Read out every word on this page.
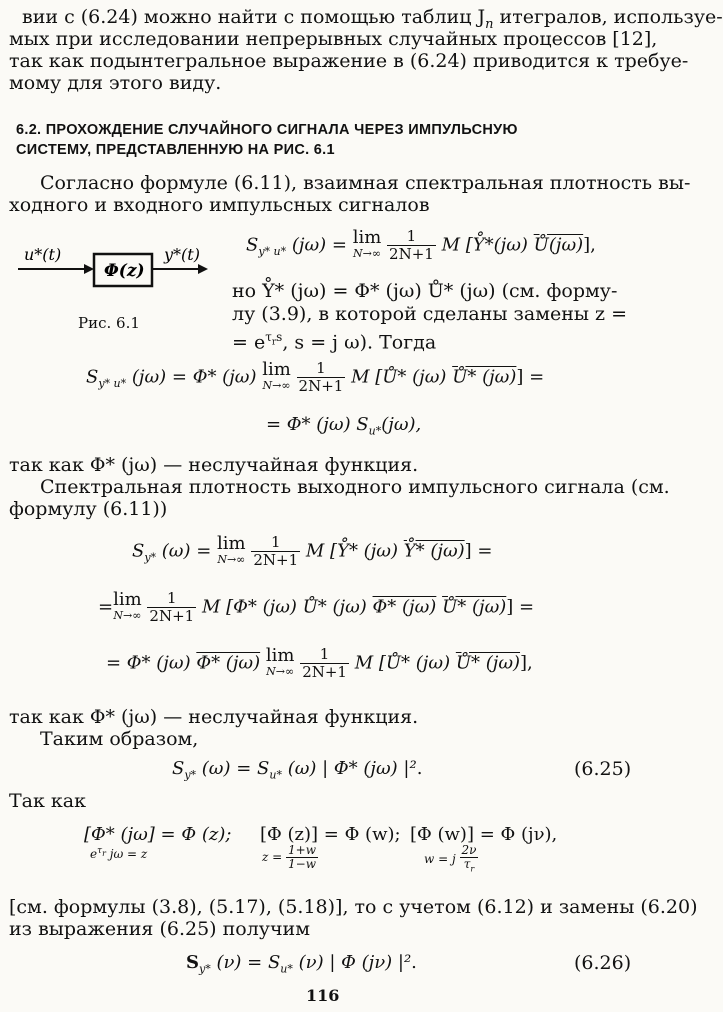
вии с (6.24) можно найти с помощью таблиц $J_n$ итегралов, используе-
мых при исследовании непрерывных случайных процессов [12],
так как подынтегральное выражение в (6.24) приводится к требуе-
мому для этого виду.
6.2. ПРОХОЖДЕНИЕ СЛУЧАЙНОГО СИГНАЛА ЧЕРЕЗ ИМПУЛЬСНУЮ
СИСТЕМУ, ПРЕДСТАВЛЕННУЮ НА РИС. 6.1
Согласно формуле (6.11), взаимная спектральная плотность вы-
ходного и входного импульсных сигналов
u*(t)
Φ(z)
y*(t)
Рис. 6.1
$S_{y* u*}$ (jω) = lim
N→∞
$\frac{1}{2N+1}$ M [Y̊*(jω) Ů(jω)],
но Y̊* (jω) = Φ* (jω) Ů* (jω) (см. форму-
лу (3.9), в которой сделаны замены z =
= $e^{\tau_rs}$, s = j ω). Тогда
$S_{y* u*}$ (jω) = Φ* (jω) lim
N→∞
$\frac{1}{2N+1}$ M [Ů* (jω) Ů* (jω)] =
= Φ* (jω) $S_{u*}(j\omega)$,
так как Φ* (jω) — неслучайная функция.
Спектральная плотность выходного импульсного сигнала (см.
формулу (6.11))
$S_{y*}$ (ω) = lim
N→∞
$\frac{1}{2N+1}$ M [Y̊* (jω) Y̊* (jω)] =
= lim
N→∞
$\frac{1}{2N+1}$ M [Φ* (jω) Ů* (jω) Φ* (jω) Ů* (jω)] =
= Φ* (jω) Φ* (jω) lim
N→∞
$\frac{1}{2N+1}$ M [Ů* (jω) Ů* (jω)],
так как Φ* (jω) — неслучайная функция.
Таким образом,
$S_{y*}$ $(\omega) = S_{u*}$ (ω) | Φ* (jω) |².	(6.25)
Так как
[Φ* (jω] = Φ (z);
$e^{\tau_r}$ jω = z
[Φ (z)] = Φ (w);
$z = \frac{1+w}{1-w}$
[Φ (w)] = Φ (jν),
w = j $\frac{2\nu}{\tau_r}$
[см. формулы (3.8), (5.17), (5.18)], то с учетом (6.12) и замены (6.20)
из выражения (6.25) получим
$S_{y*}$ $(\nu) = S_{u*}$ (ν) | Φ (jν) |².	(6.26)
116
